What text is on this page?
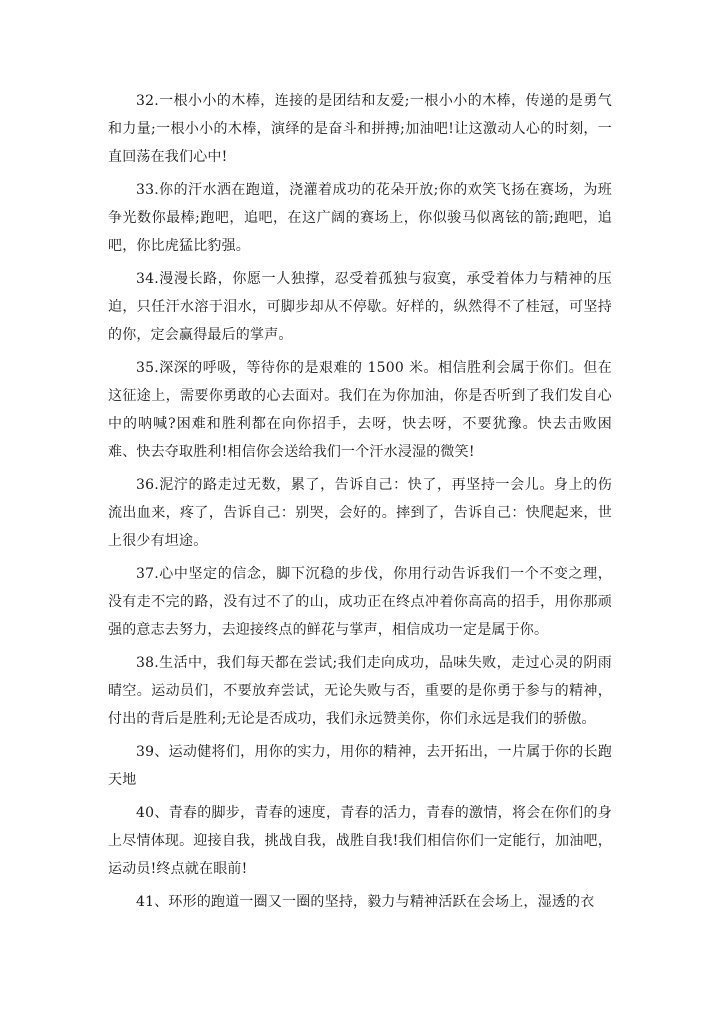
32.一根小小的木棒，连接的是团结和友爱;一根小小的木棒，传递的是勇气和力量;一根小小的木棒，演绎的是奋斗和拼搏;加油吧!让这激动人心的时刻，一直回荡在我们心中!

33.你的汗水洒在跑道，浇灌着成功的花朵开放;你的欢笑飞扬在赛场，为班争光数你最棒;跑吧，追吧，在这广阔的赛场上，你似骏马似离铉的箭;跑吧，追吧，你比虎猛比豹强。

34.漫漫长路，你愿一人独撑，忍受着孤独与寂寞，承受着体力与精神的压迫，只任汗水溶于泪水，可脚步却从不停歇。好样的，纵然得不了桂冠，可坚持的你，定会赢得最后的掌声。

35.深深的呼吸，等待你的是艰难的 1500 米。相信胜利会属于你们。但在这征途上，需要你勇敢的心去面对。我们在为你加油，你是否听到了我们发自心中的呐喊?困难和胜利都在向你招手，去呀，快去呀，不要犹豫。快去击败困难、快去夺取胜利!相信你会送给我们一个汗水浸湿的微笑!

36.泥泞的路走过无数，累了，告诉自己：快了，再坚持一会儿。身上的伤流出血来，疼了，告诉自己：别哭，会好的。摔到了，告诉自己：快爬起来，世上很少有坦途。

37.心中坚定的信念，脚下沉稳的步伐，你用行动告诉我们一个不变之理，没有走不完的路，没有过不了的山，成功正在终点冲着你高高的招手，用你那顽强的意志去努力，去迎接终点的鲜花与掌声，相信成功一定是属于你。

38.生活中，我们每天都在尝试;我们走向成功，品味失败，走过心灵的阴雨晴空。运动员们，不要放弃尝试，无论失败与否，重要的是你勇于参与的精神，付出的背后是胜利;无论是否成功，我们永远赞美你，你们永远是我们的骄傲。

39、运动健将们，用你的实力，用你的精神，去开拓出，一片属于你的长跑天地

40、青春的脚步，青春的速度，青春的活力，青春的激情，将会在你们的身上尽情体现。迎接自我，挑战自我，战胜自我!我们相信你们一定能行，加油吧，运动员!终点就在眼前!

41、环形的跑道一圈又一圈的坚持，毅力与精神活跃在会场上，湿透的衣
